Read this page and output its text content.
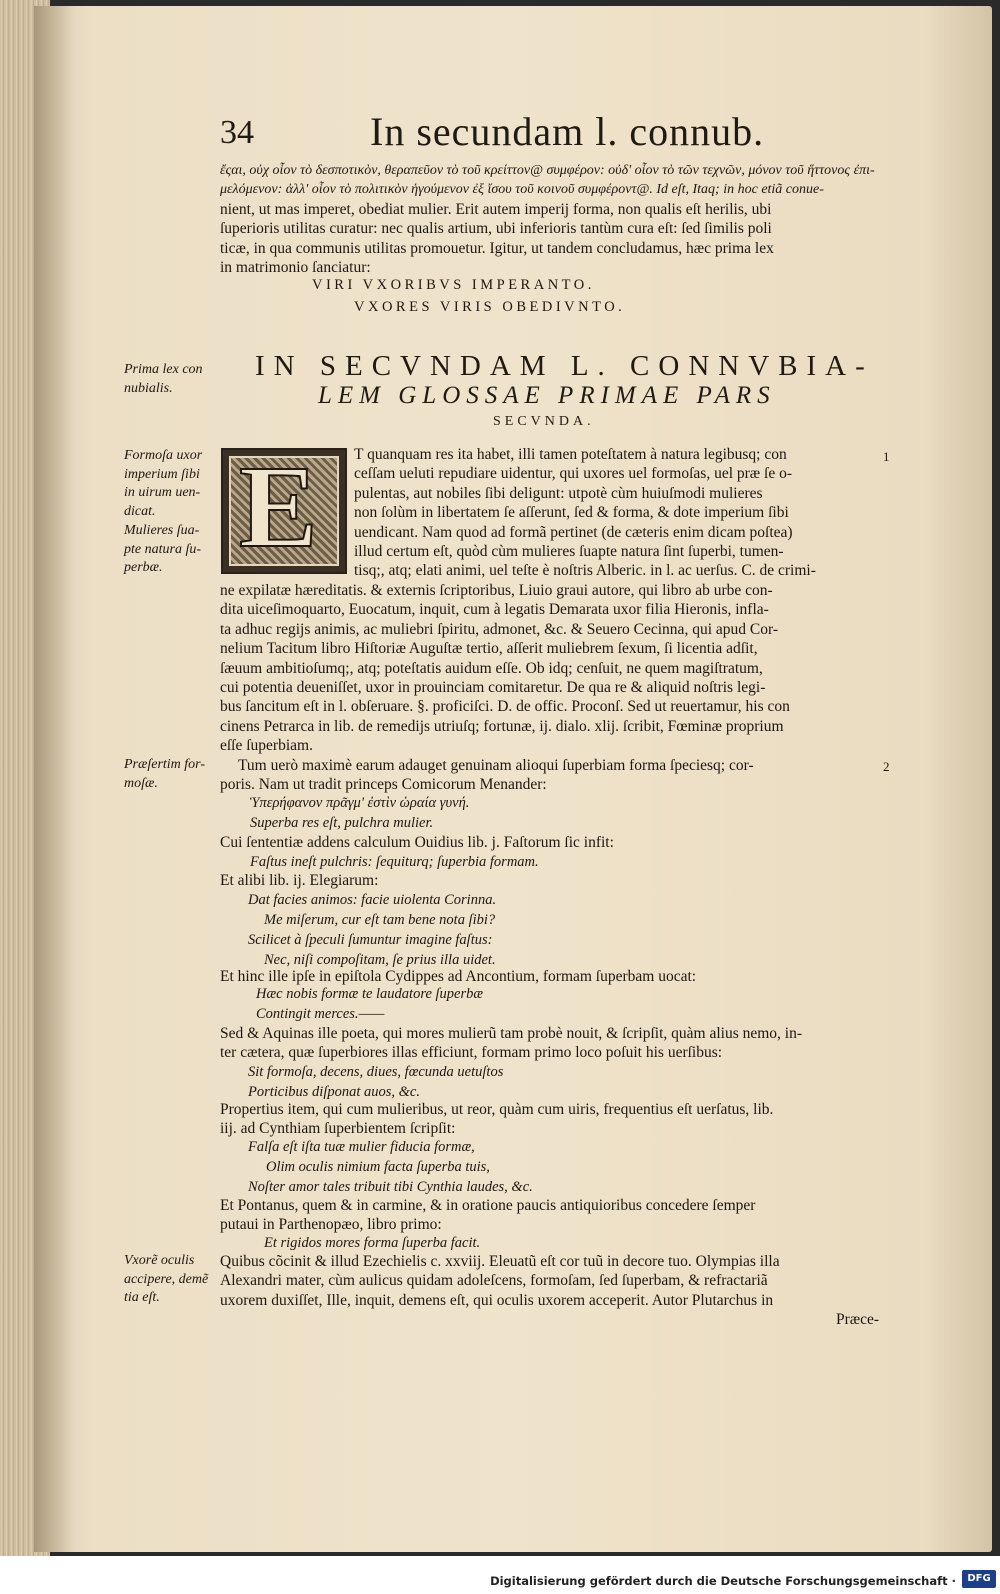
34	In secundam l. connub.

ἔςαι, οὐχ οἷον τὸ δεσποτικὸν, θεραπεῦον τὸ τοῦ κρείττον@ συμφέρον: οὐδ' οἷον τὸ τῶν τεχνῶν, μόνον τοῦ ἥττονος ἐπι-

μελόμενον: ἀλλ' οἷον τὸ πολιτικὸν ἡγούμενον ἐξ ἴσου τοῦ κοινοῦ συμφέροντ@. Id eſt, Itaq; in hoc etiã conue-

nient, ut mas imperet, obediat mulier. Erit autem imperij forma, non qualis eſt herilis, ubi

ſuperioris utilitas curatur: nec qualis artium, ubi inferioris tantùm cura eſt: ſed ſimilis poli

ticæ, in qua communis utilitas promouetur. Igitur, ut tandem concludamus, hæc prima lex

in matrimonio ſanciatur:

VIRI VXORIBVS IMPERANTO.
VXORES VIRIS OBEDIVNTO.
IN SECVNDAM L. CONNVBIA-
LEM GLOSSAE PRIMAE PARS
SECVNDA.

Prima lex con

nubialis.

Formoſa uxor

imperium ſibi

in uirum uen-

dicat.

Mulieres ſua-

pte natura ſu-

perbæ.

Præſertim for-

moſæ.

Vxorẽ oculis

accipere, demẽ

tia eſt.

1
2
E T quanquam res ita habet, illi tamen poteſtatem à natura legibusq; con

ceſſam ueluti repudiare uidentur, qui uxores uel formoſas, uel præ ſe o-

pulentas, aut nobiles ſibi deligunt: utpotè cùm huiuſmodi mulieres

non ſolùm in libertatem ſe aſſerunt, ſed & forma, & dote imperium ſibi

uendicant. Nam quod ad formã pertinet (de cæteris enim dicam poſtea)

illud certum eſt, quòd cùm mulieres ſuapte natura ſint ſuperbi, tumen-

tisq;, atq; elati animi, uel teſte è noſtris Alberic. in l. ac uerſus. C. de crimi-

ne expilatæ hæreditatis. & externis ſcriptoribus, Liuio graui autore, qui libro ab urbe con-

dita uiceſimoquarto, Euocatum, inquit, cum à legatis Demarata uxor filia Hieronis, infla-

ta adhuc regijs animis, ac muliebri ſpiritu, admonet, &c. & Seuero Cecinna, qui apud Cor-

nelium Tacitum libro Hiſtoriæ Auguſtæ tertio, aſſerit muliebrem ſexum, ſi licentia adſit,

ſæuum ambitioſumq;, atq; poteſtatis auidum eſſe. Ob idq; cenſuit, ne quem magiſtratum,

cui potentia deueniſſet, uxor in prouinciam comitaretur. De qua re & aliquid noſtris legi-

bus ſancitum eſt in l. obſeruare. §. proficiſci. D. de offic. Proconſ. Sed ut reuertamur, his con

cinens Petrarca in lib. de remedijs utriuſq; fortunæ, ij. dialo. xlij. ſcribit, Fœminæ proprium

eſſe ſuperbiam.

Tum uerò maximè earum adauget genuinam alioqui ſuperbiam forma ſpeciesq; cor-

poris. Nam ut tradit princeps Comicorum Menander:

Ὑπερήφανον πρᾶγμ' ἐστὶν ὡραία γυνή.

Superba res eſt, pulchra mulier.

Cui ſententiæ addens calculum Ouidius lib. j. Faſtorum ſic infit:

Faſtus ineſt pulchris: ſequiturq; ſuperbia formam.

Et alibi lib. ij. Elegiarum:

Dat facies animos: facie uiolenta Corinna.

Me miſerum, cur eſt tam bene nota ſibi?

Scilicet à ſpeculi ſumuntur imagine faſtus:

Nec, niſi compoſitam, ſe prius illa uidet.

Et hinc ille ipſe in epiſtola Cydippes ad Ancontium, formam ſuperbam uocat:

Hæc nobis formæ te laudatore ſuperbæ

Contingit merces.——

Sed & Aquinas ille poeta, qui mores mulierũ tam probè nouit, & ſcripſit, quàm alius nemo, in-

ter cætera, quæ ſuperbiores illas efficiunt, formam primo loco poſuit his uerſibus:

Sit formoſa, decens, diues, fœcunda uetuſtos

Porticibus diſponat auos, &c.

Propertius item, qui cum mulieribus, ut reor, quàm cum uiris, frequentius eſt uerſatus, lib.

iij. ad Cynthiam ſuperbientem ſcripſit:

Falſa eſt iſta tuæ mulier fiducia formæ,

Olim oculis nimium facta ſuperba tuis,

Noſter amor tales tribuit tibi Cynthia laudes, &c.

Et Pontanus, quem & in carmine, & in oratione paucis antiquioribus concedere ſemper

putaui in Parthenopæo, libro primo:

Et rigidos mores forma ſuperba facit.

Quibus cõcinit & illud Ezechielis c. xxviij. Eleuatũ eſt cor tuũ in decore tuo. Olympias illa

Alexandri mater, cùm aulicus quidam adoleſcens, formoſam, ſed ſuperbam, & refractariã

uxorem duxiſſet, Ille, inquit, demens eſt, qui oculis uxorem acceperit. Autor Plutarchus in

Præce-

Digitalisierung gefördert durch die Deutsche Forschungsgemeinschaft ·	DFG
